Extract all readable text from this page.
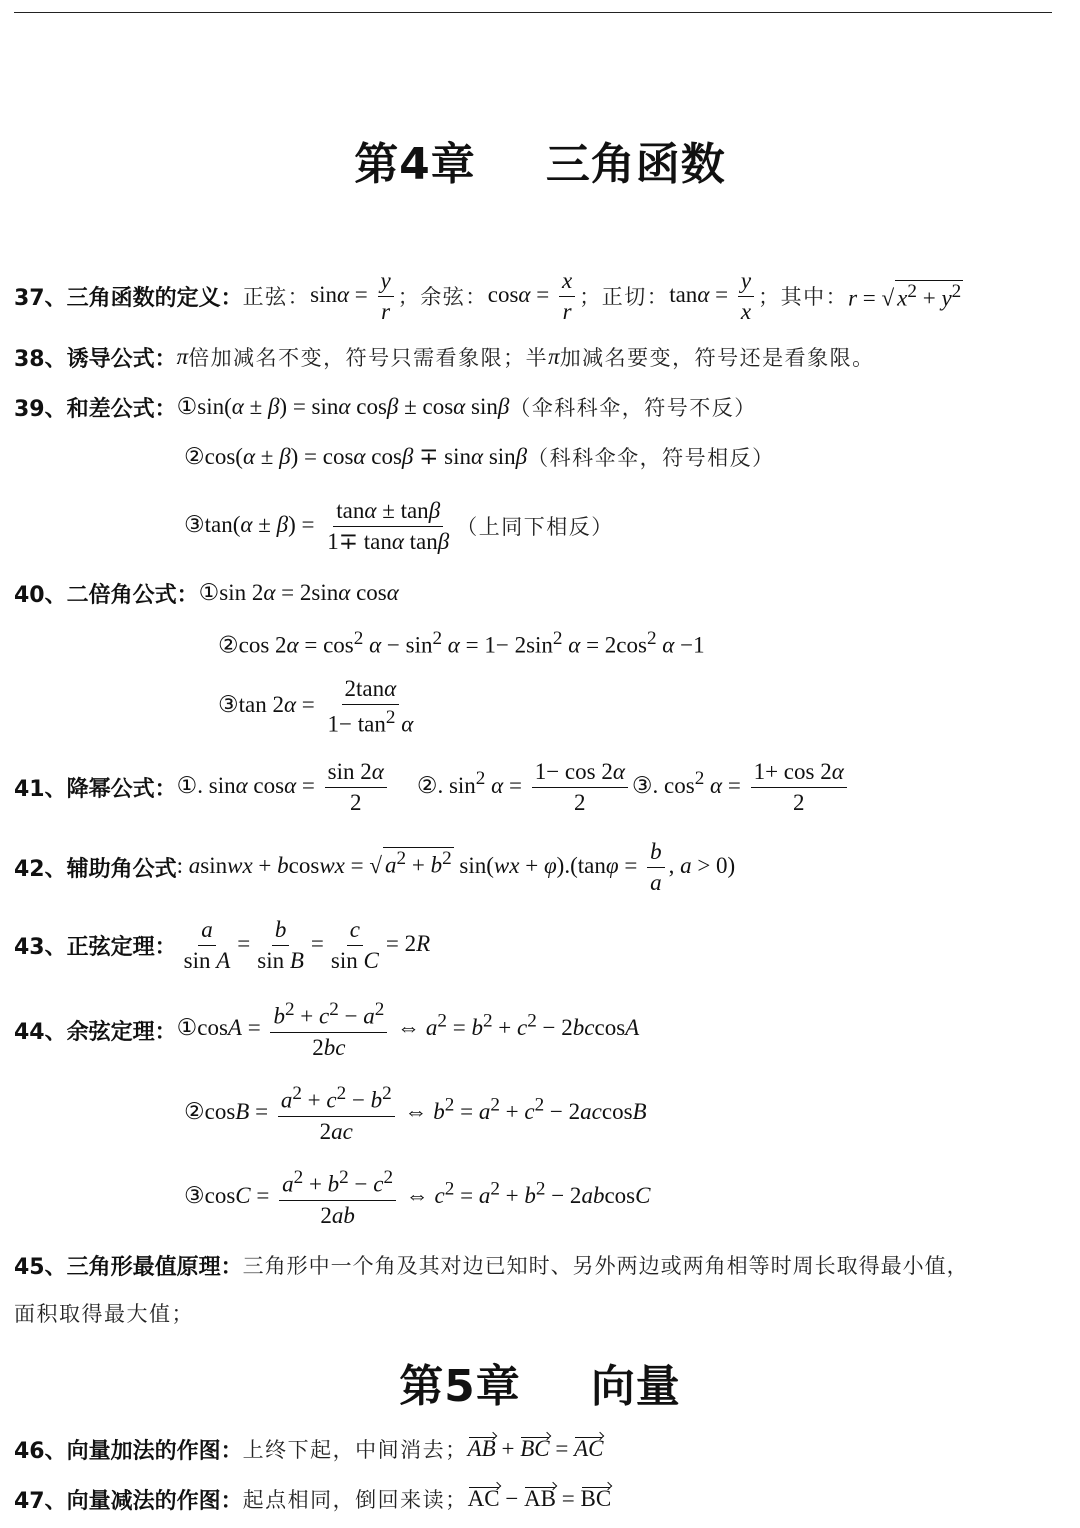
第4章 三角函数
37、三角函数的定义： 正弦： $\sin\alpha = \frac{y}{r}$ ；余弦： $\cos\alpha = \frac{x}{r}$ ；正切： $\tan\alpha = \frac{y}{x}$ ；其中： r = √ $x^2 + y^2$
38、诱导公式： π 倍加减名不变，符号只需看象限；半 π 加减名要变，符号还是看象限。
39、和差公式： ①sin(α ± β) = sinα cosβ ± cosα sinβ （伞科科伞，符号不反）
②cos(α ± β) = cosα cosβ ∓ sinα sinβ （科科伞伞，符号相反）
③tan(α ± $\beta) = \frac{\tan\alpha \pm \tan\beta}{\text{1∓ tanα tanβ}}$ （上同下相反）
40、二倍角公式： ①sin 2α = 2sinα cosα
②cos $2\alpha = \cos^2 \alpha - \sin^2 \alpha = 1- 2\sin^2$ $\alpha = 2\cos^2$ α −1
③tan $2\alpha = \frac{2\tan\alpha}{1- \tan^2 \alpha}$
41、降幂公式： ①. sinα $\cos\alpha = \frac{\sin 2\alpha}{2}$ ②. $\sin^2 \alpha = \frac{1- \cos 2\alpha}{2}$ ③. $\cos^2 \alpha = \frac{1+ \cos 2\alpha}{2}$
42、辅助角公式 : asinwx + bcoswx = √ $a^2 + b^2$ $\sin(wx + \varphi).(\tan\varphi = \frac{b}{a}$ , a > 0)
43、正弦定理： $\frac{a}{\text{sin A}} = \frac{b}{\text{sin B}} = \frac{c}{\text{sin C}} = 2R$
44、余弦定理： ①cosA = $\frac{b^2 + c^2 - a^2}{2bc}$ ⇔ $a^2 = b^2 + c^2 - 2bccosA$
②cosB = $\frac{a^2 + c^2 - b^2}{2ac}$ ⇔ $b^2 = a^2 + c^2 - 2accosB$
③cosC = $\frac{a^2 + b^2 - c^2}{2ab}$ ⇔ $c^2 = a^2 + b^2 - 2abcosC$
45、三角形最值原理： 三角形中一个角及其对边已知时、另外两边或两角相等时周长取得最小值，
面积取得最大值；
第5章 向量
46、向量加法的作图： 上终下起，中间消去； AB + BC = AC
47、向量减法的作图： 起点相同，倒回来读； AC − AB = BC
